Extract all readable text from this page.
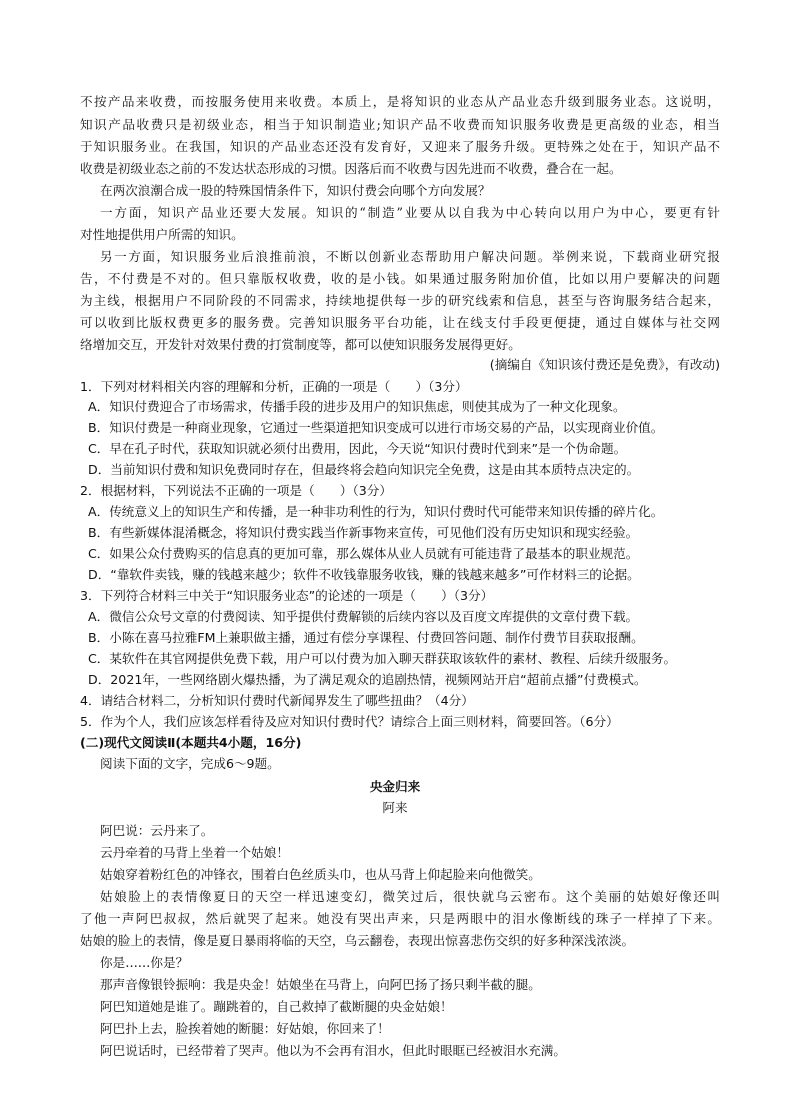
不按产品来收费，而按服务使用来收费。本质上，是将知识的业态从产品业态升级到服务业态。这说明，
知识产品收费只是初级业态，相当于知识制造业;知识产品不收费而知识服务收费是更高级的业态，相当
于知识服务业。在我国，知识的产品业态还没有发育好，又迎来了服务升级。更特殊之处在于，知识产品不
收费是初级业态之前的不发达状态形成的习惯。因落后而不收费与因先进而不收费，叠合在一起。
在两次浪潮合成一股的特殊国情条件下，知识付费会向哪个方向发展？
一方面，知识产品业还要大发展。知识的“制造”业要从以自我为中心转向以用户为中心，要更有针
对性地提供用户所需的知识。
另一方面，知识服务业后浪推前浪，不断以创新业态帮助用户解决问题。举例来说，下载商业研究报
告，不付费是不对的。但只靠版权收费，收的是小钱。如果通过服务附加价值，比如以用户要解决的问题
为主线，根据用户不同阶段的不同需求，持续地提供每一步的研究线索和信息，甚至与咨询服务结合起来，
可以收到比版权费更多的服务费。完善知识服务平台功能，让在线支付手段更便捷，通过自媒体与社交网
络增加交互，开发针对效果付费的打赏制度等，都可以使知识服务发展得更好。
(摘编自《知识该付费还是免费》，有改动)
1．下列对材料相关内容的理解和分析，正确的一项是（　　）（3分）
A．知识付费迎合了市场需求，传播手段的进步及用户的知识焦虑，则使其成为了一种文化现象。
B．知识付费是一种商业现象，它通过一些渠道把知识变成可以进行市场交易的产品，以实现商业价值。
C．早在孔子时代，获取知识就必须付出费用，因此，今天说“知识付费时代到来”是一个伪命题。
D．当前知识付费和知识免费同时存在，但最终将会趋向知识完全免费，这是由其本质特点决定的。
2．根据材料，下列说法不正确的一项是（　　）（3分）
A．传统意义上的知识生产和传播，是一种非功利性的行为，知识付费时代可能带来知识传播的碎片化。
B．有些新媒体混淆概念，将知识付费实践当作新事物来宣传，可见他们没有历史知识和现实经验。
C．如果公众付费购买的信息真的更加可靠，那么媒体从业人员就有可能违背了最基本的职业规范。
D．“靠软件卖钱，赚的钱越来越少；软件不收钱靠服务收钱，赚的钱越来越多”可作材料三的论据。
3．下列符合材料三中关于“知识服务业态”的论述的一项是（　　）（3分）
A．微信公众号文章的付费阅读、知乎提供付费解锁的后续内容以及百度文库提供的文章付费下载。
B．小陈在喜马拉雅FM上兼职做主播，通过有偿分享课程、付费回答问题、制作付费节目获取报酬。
C．某软件在其官网提供免费下载，用户可以付费为加入聊天群获取该软件的素材、教程、后续升级服务。
D．2021年，一些网络剧火爆热播，为了满足观众的追剧热情，视频网站开启“超前点播”付费模式。
4．请结合材料二，分析知识付费时代新闻界发生了哪些扭曲？（4分）
5．作为个人，我们应该怎样看待及应对知识付费时代？请综合上面三则材料，简要回答。（6分）
(二)现代文阅读Ⅱ(本题共4小题，16分)
阅读下面的文字，完成6～9题。
央金归来
阿来
阿巴说：云丹来了。
云丹牵着的马背上坐着一个姑娘！
姑娘穿着粉红色的冲锋衣，围着白色丝质头巾，也从马背上仰起脸来向他微笑。
姑娘脸上的表情像夏日的天空一样迅速变幻，微笑过后，很快就乌云密布。这个美丽的姑娘好像还叫
了他一声阿巴叔叔，然后就哭了起来。她没有哭出声来，只是两眼中的泪水像断线的珠子一样掉了下来。
姑娘的脸上的表情，像是夏日暴雨将临的天空，乌云翻卷，表现出惊喜悲伤交织的好多种深浅浓淡。
你是……你是？
那声音像银铃振响：我是央金！姑娘坐在马背上，向阿巴扬了扬只剩半截的腿。
阿巴知道她是谁了。蹦跳着的，自己救掉了截断腿的央金姑娘！
阿巴扑上去，脸挨着她的断腿：好姑娘，你回来了！
阿巴说话时，已经带着了哭声。他以为不会再有泪水，但此时眼眶已经被泪水充满。
